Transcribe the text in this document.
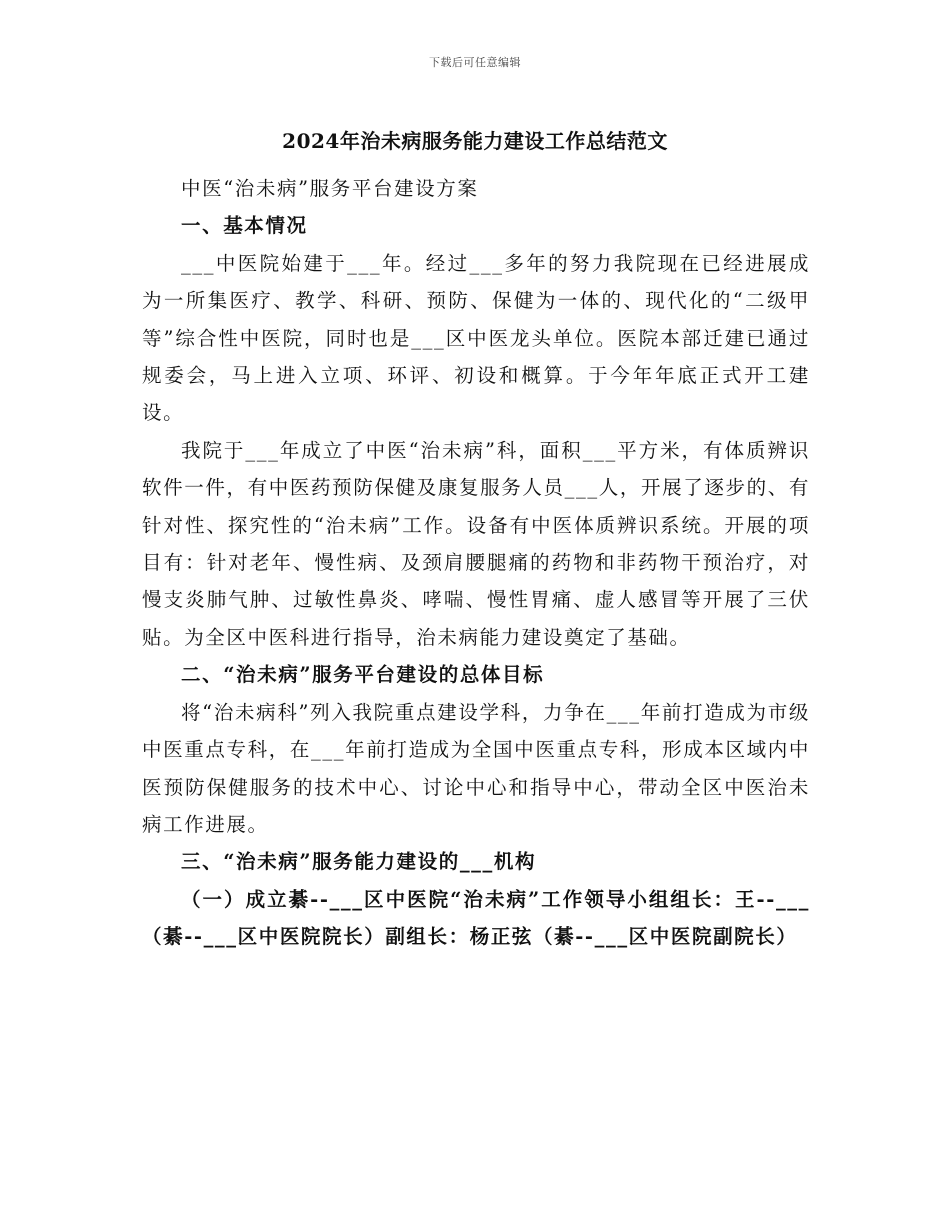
下载后可任意编辑
2024年治未病服务能力建设工作总结范文

中医“治未病”服务平台建设方案

一、基本情况

___中医院始建于___年。经过___多年的努力我院现在已经进展成为一所集医疗、教学、科研、预防、保健为一体的、现代化的“二级甲等”综合性中医院，同时也是___区中医龙头单位。医院本部迁建已通过规委会，马上进入立项、环评、初设和概算。于今年年底正式开工建设。

我院于___年成立了中医“治未病”科，面积___平方米，有体质辨识软件一件，有中医药预防保健及康复服务人员___人，开展了逐步的、有针对性、探究性的“治未病”工作。设备有中医体质辨识系统。开展的项目有：针对老年、慢性病、及颈肩腰腿痛的药物和非药物干预治疗，对慢支炎肺气肿、过敏性鼻炎、哮喘、慢性胃痛、虚人感冒等开展了三伏贴。为全区中医科进行指导，治未病能力建设奠定了基础。

二、“治未病”服务平台建设的总体目标

将“治未病科”列入我院重点建设学科，力争在___年前打造成为市级中医重点专科，在___年前打造成为全国中医重点专科，形成本区域内中医预防保健服务的技术中心、讨论中心和指导中心，带动全区中医治未病工作进展。

三、“治未病”服务能力建设的___机构

（一）成立綦--___区中医院“治未病”工作领导小组组长：王--___（綦--___区中医院院长）副组长：杨正弦（綦--___区中医院副院长）
